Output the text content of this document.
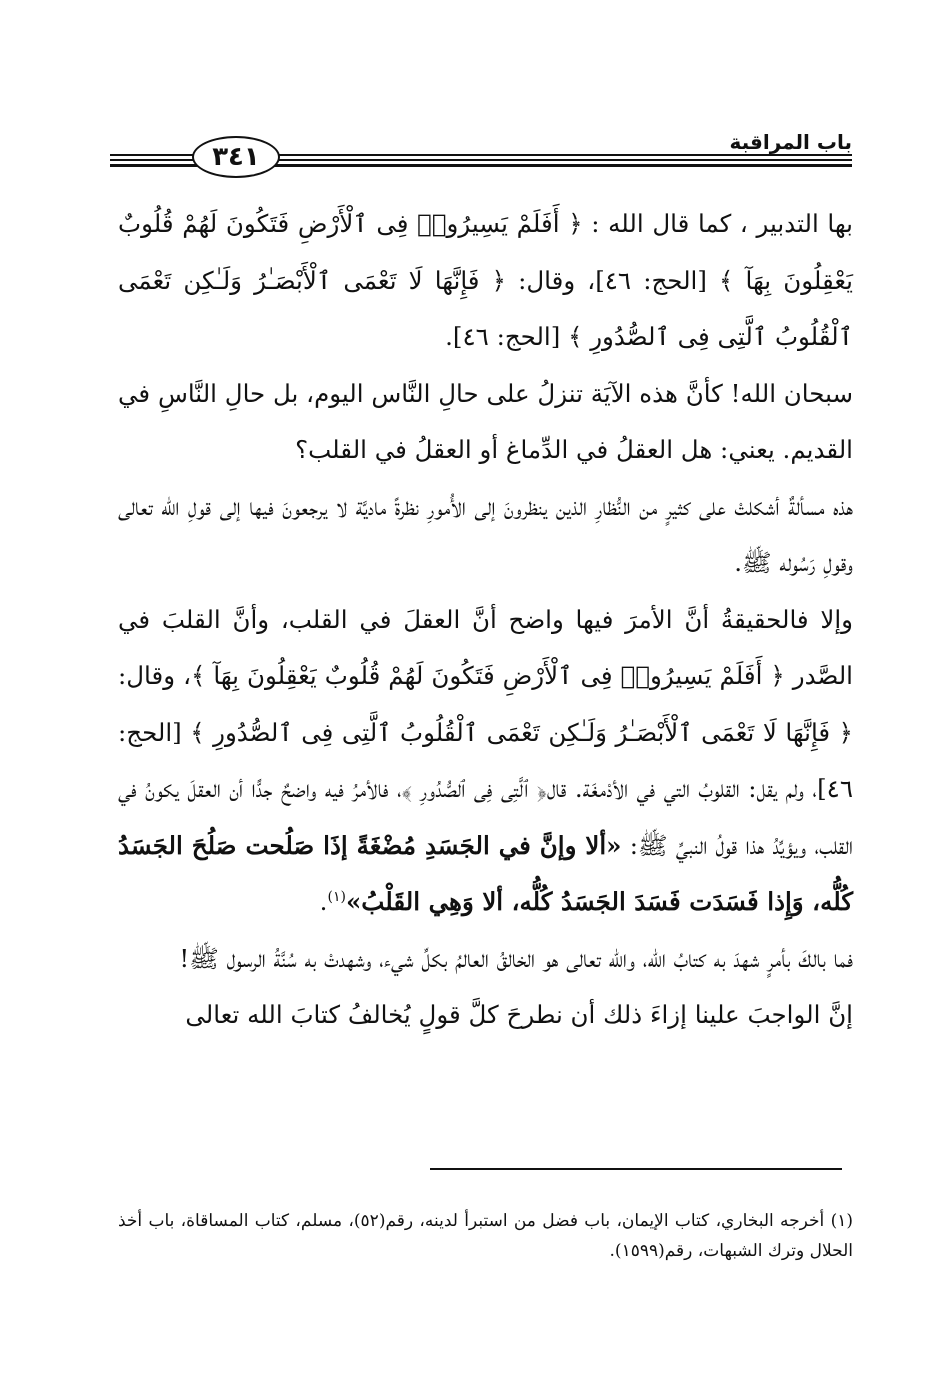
باب المراقبة
٣٤١

بها التدبير ، كما قال الله : ﴿ أَفَلَمْ يَسِيرُوا۟ فِى ٱلْأَرْضِ فَتَكُونَ لَهُمْ قُلُوبٌ يَعْقِلُونَ بِهَآ ﴾ [الحج: ٤٦]، وقال: ﴿ فَإِنَّهَا لَا تَعْمَى ٱلْأَبْصَـٰرُ وَلَـٰكِن تَعْمَى ٱلْقُلُوبُ ٱلَّتِى فِى ٱلصُّدُورِ ﴾ [الحج: ٤٦].

سبحان الله! كأنَّ هذه الآيَة تنزلُ على حالِ النَّاس اليوم، بل حالِ النَّاسِ في القديم. يعني: هل العقلُ في الدِّماغ أو العقلُ في القلب؟

هذه مسألةٌ أشكلتْ على كثيرٍ من النُّظارِ الذين ينظرونَ إلى الأُمورِ نظرةً ماديَّة لا يرجعونَ فيها إلى قولِ الله تعالى وقولِ رَسُوله ﷺ.

وإلا فالحقيقةُ أنَّ الأمرَ فيها واضح أنَّ العقلَ في القلب، وأنَّ القلبَ في الصَّدر ﴿ أَفَلَمْ يَسِيرُوا۟ فِى ٱلْأَرْضِ فَتَكُونَ لَهُمْ قُلُوبٌ يَعْقِلُونَ بِهَآ ﴾، وقال: ﴿ فَإِنَّهَا لَا تَعْمَى ٱلْأَبْصَـٰرُ وَلَـٰكِن تَعْمَى ٱلْقُلُوبُ ٱلَّتِى فِى ٱلصُّدُورِ ﴾ [الحج: ٤٦]، ولم يقل: القلوبُ التي في الأدْمغَة. قال﴿ ٱلَّتِى فِى ٱلصُّدُورِ ﴾، فالأمرُ فيه واضحٌ جدًّا أن العقلَ يكونُ في القلب، ويؤيِّدُ هذا قولُ النبيِّ ﷺ: «ألا وإنَّ في الجَسَدِ مُضْغَةً إذَا صَلُحت صَلُحَ الجَسَدُ كُلُّه، وَإِذا فَسَدَت فَسَدَ الجَسَدُ كُلُّه، ألا وَهِي القَلْبُ»$^{(١)}$.

فما بالكَ بأمرٍ شهدَ به كتابُ الله، والله تعالى هو الخالقُ العالمُ بكلِّ شيء، وشهدتْ به سُنَّةُ الرسول ﷺ!

إنَّ الواجبَ علينا إزاءَ ذلك أن نطرحَ كلَّ قولٍ يُخالفُ كتابَ الله تعالى

(١) أخرجه البخاري، كتاب الإيمان، باب فضل من استبرأ لدينه، رقم(٥٢)، مسلم، كتاب المساقاة، باب أخذ الحلال وترك الشبهات، رقم(١٥٩٩).
